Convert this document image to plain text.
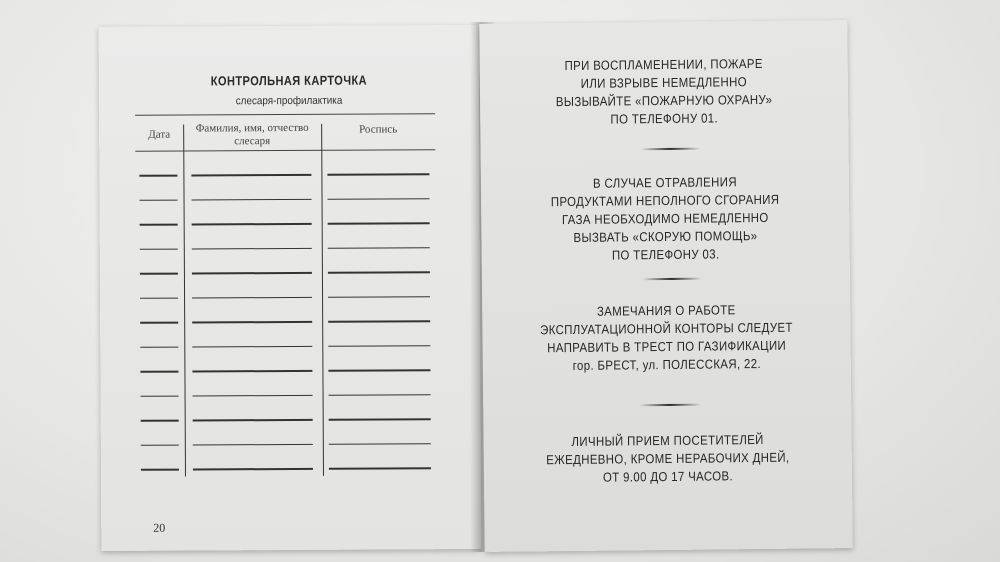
КОНТРОЛЬНАЯ КАРТОЧКА
слесаря-профилактика
Дата
Фамилия, имя, отчество
слесаря
Роспись
20
ПРИ ВОСПЛАМЕНЕНИИ, ПОЖАРЕ
ИЛИ ВЗРЫВЕ НЕМЕДЛЕННО
ВЫЗЫВАЙТЕ «ПОЖАРНУЮ ОХРАНУ»
ПО ТЕЛЕФОНУ 01.
В СЛУЧАЕ ОТРАВЛЕНИЯ
ПРОДУКТАМИ НЕПОЛНОГО СГОРАНИЯ
ГАЗА НЕОБХОДИМО НЕМЕДЛЕННО
ВЫЗВАТЬ «СКОРУЮ ПОМОЩЬ»
ПО ТЕЛЕФОНУ 03.
ЗАМЕЧАНИЯ О РАБОТЕ
ЭКСПЛУАТАЦИОННОЙ КОНТОРЫ СЛЕДУЕТ
НАПРАВИТЬ В ТРЕСТ ПО ГАЗИФИКАЦИИ
гор. БРЕСТ, ул. ПОЛЕССКАЯ, 22.
ЛИЧНЫЙ ПРИЕМ ПОСЕТИТЕЛЕЙ
ЕЖЕДНЕВНО, КРОМЕ НЕРАБОЧИХ ДНЕЙ,
ОТ 9.00 ДО 17 ЧАСОВ.
